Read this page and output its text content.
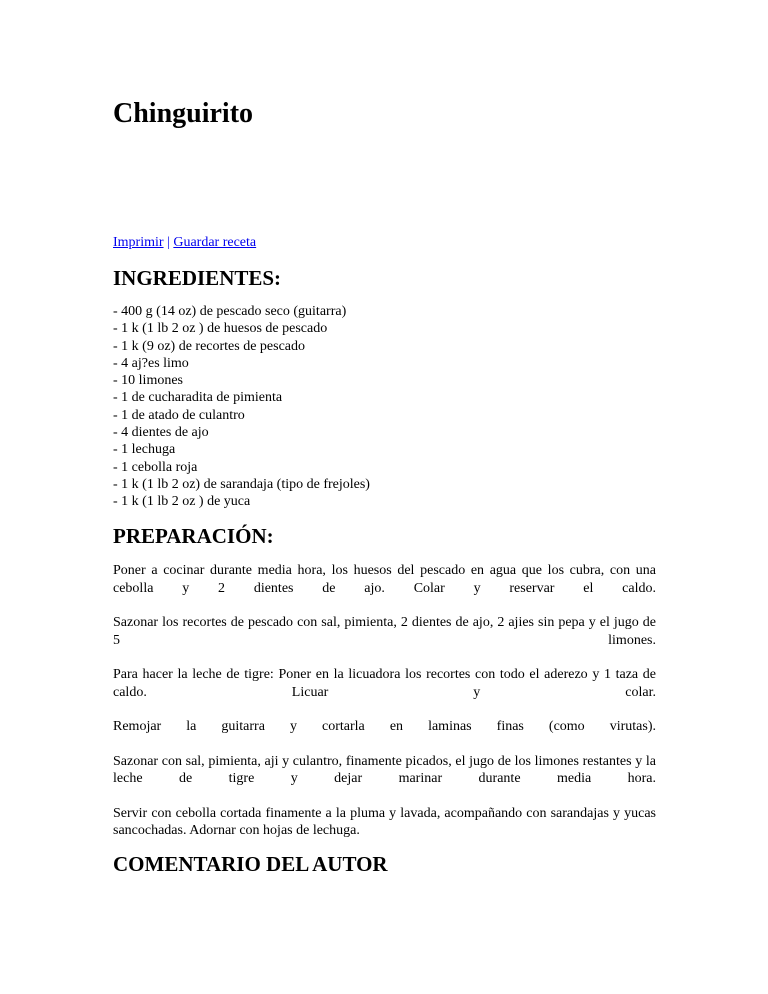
Chinguirito
Imprimir | Guardar receta
INGREDIENTES:
- 400 g (14 oz) de pescado seco (guitarra)
- 1 k (1 lb 2 oz ) de huesos de pescado
- 1 k (9 oz) de recortes de pescado
- 4 aj?es limo
- 10 limones
- 1 de cucharadita de pimienta
- 1 de atado de culantro
- 4 dientes de ajo
- 1 lechuga
- 1 cebolla roja
- 1 k (1 lb 2 oz) de sarandaja (tipo de frejoles)
- 1 k (1 lb 2 oz ) de yuca
PREPARACIÓN:

Poner a cocinar durante media hora, los huesos del pescado en agua que los cubra, con una cebolla y 2 dientes de ajo. Colar y reservar el caldo.

Sazonar los recortes de pescado con sal, pimienta, 2 dientes de ajo, 2 ajies sin pepa y el jugo de 5 limones.

Para hacer la leche de tigre: Poner en la licuadora los recortes con todo el aderezo y 1 taza de caldo. Licuar y colar.

Remojar la guitarra y cortarla en laminas finas (como virutas).

Sazonar con sal, pimienta, aji y culantro, finamente picados, el jugo de los limones restantes y la leche de tigre y dejar marinar durante media hora.

Servir con cebolla cortada finamente a la pluma y lavada, acompañando con sarandajas y yucas sancochadas. Adornar con hojas de lechuga.

COMENTARIO DEL AUTOR
